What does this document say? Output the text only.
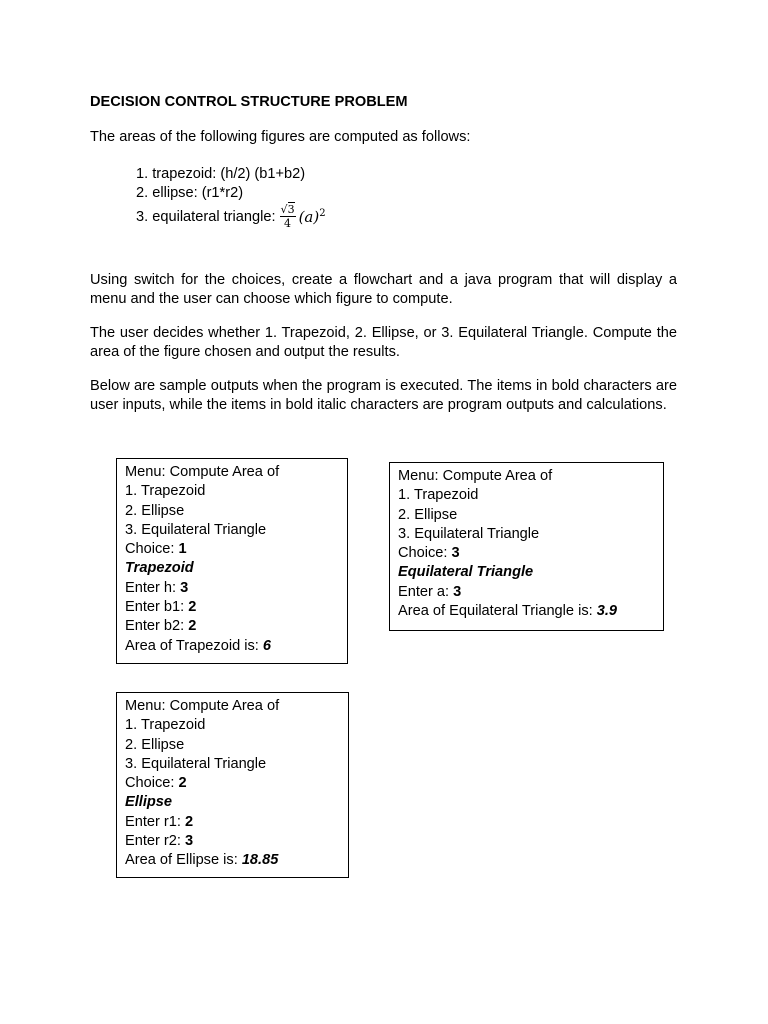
DECISION CONTROL STRUCTURE PROBLEM
The areas of the following figures are computed as follows:
1. trapezoid: (h/2) (b1+b2)
2. ellipse: (r1*r2)
3. equilateral triangle: $\frac{√3}{4} (a)^2$
Using switch for the choices, create a flowchart and a java program that will display a menu and the user can choose which figure to compute.
The user decides whether 1. Trapezoid, 2. Ellipse, or 3. Equilateral Triangle. Compute the area of the figure chosen and output the results.
Below are sample outputs when the program is executed. The items in bold characters are user inputs, while the items in bold italic characters are program outputs and calculations.
Menu: Compute Area of
1. Trapezoid
2. Ellipse
3. Equilateral Triangle
Choice: 1
Trapezoid
Enter h: 3
Enter b1: 2
Enter b2: 2
Area of Trapezoid is: 6
Menu: Compute Area of
1. Trapezoid
2. Ellipse
3. Equilateral Triangle
Choice: 3
Equilateral Triangle
Enter a: 3
Area of Equilateral Triangle is: 3.9
Menu: Compute Area of
1. Trapezoid
2. Ellipse
3. Equilateral Triangle
Choice: 2
Ellipse
Enter r1: 2
Enter r2: 3
Area of Ellipse is: 18.85
